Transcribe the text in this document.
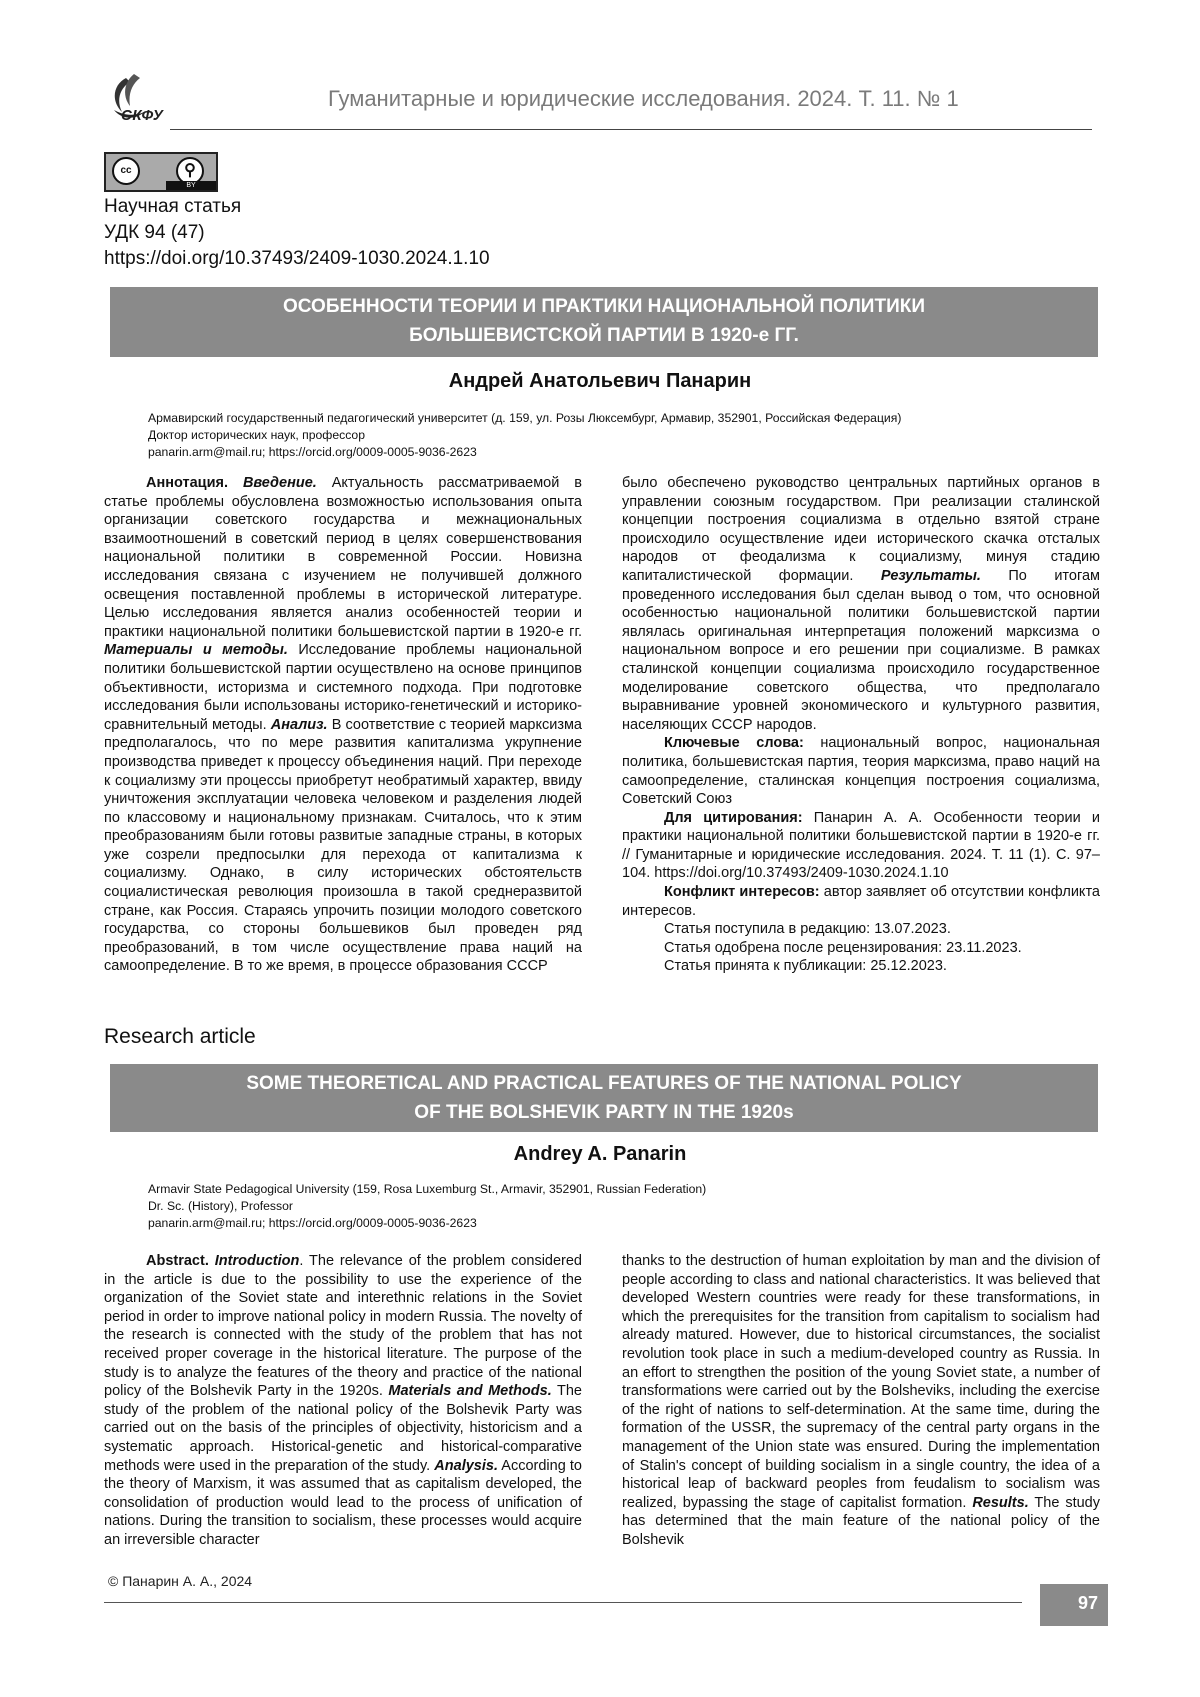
СКФУ
Гуманитарные и юридические исследования. 2024. Т. 11. № 1
cc	⚲
BY
Научная статья
УДК 94 (47)
https://doi.org/10.37493/2409-1030.2024.1.10
ОСОБЕННОСТИ ТЕОРИИ И ПРАКТИКИ НАЦИОНАЛЬНОЙ ПОЛИТИКИ
БОЛЬШЕВИСТСКОЙ ПАРТИИ В 1920-е ГГ.
Андрей Анатольевич Панарин
Армавирский государственный педагогический университет (д. 159, ул. Розы Люксембург, Армавир, 352901, Российская Федерация)
Доктор исторических наук, профессор
panarin.arm@mail.ru; https://orcid.org/0009-0005-9036-2623

Аннотация. Введение. Актуальность рассматриваемой в статье проблемы обусловлена возможностью использования опыта организации советского государства и межнациональных взаимоотношений в советский период в целях совершенствования национальной политики в современной России. Новизна исследования связана с изучением не получившей должного освещения поставленной проблемы в исторической литературе. Целью исследования является анализ особенностей теории и практики национальной политики большевистской партии в 1920-е гг. Материалы и методы. Исследование проблемы национальной политики большевистской партии осуществлено на основе принципов объективности, историзма и системного подхода. При подготовке исследования были использованы историко-генетический и историко-сравнительный методы. Анализ. В соответствие с теорией марксизма предполагалось, что по мере развития капитализма укрупнение производства приведет к процессу объединения наций. При переходе к социализму эти процессы приобретут необратимый характер, ввиду уничтожения эксплуатации человека человеком и разделения людей по классовому и национальному признакам. Считалось, что к этим преобразованиям были готовы развитые западные страны, в которых уже созрели предпосылки для перехода от капитализма к социализму. Однако, в силу исторических обстоятельств социалистическая революция произошла в такой среднеразвитой стране, как Россия. Стараясь упрочить позиции молодого советского государства, со стороны большевиков был проведен ряд преобразований, в том числе осуществление права наций на самоопределение. В то же время, в процессе образования СССР

было обеспечено руководство центральных партийных органов в управлении союзным государством. При реализации сталинской концепции построения социализма в отдельно взятой стране происходило осуществление идеи исторического скачка отсталых народов от феодализма к социализму, минуя стадию капиталистической формации. Результаты. По итогам проведенного исследования был сделан вывод о том, что основной особенностью национальной политики большевистской партии являлась оригинальная интерпретация положений марксизма о национальном вопросе и его решении при социализме. В рамках сталинской концепции социализма происходило государственное моделирование советского общества, что предполагало выравнивание уровней экономического и культурного развития, населяющих СССР народов.

Ключевые слова: национальный вопрос, национальная политика, большевистская партия, теория марксизма, право наций на самоопределение, сталинская концепция построения социализма, Советский Союз

Для цитирования: Панарин А. А. Особенности теории и практики национальной политики большевистской партии в 1920-е гг. // Гуманитарные и юридические исследования. 2024. Т. 11 (1). С. 97–104. https://doi.org/10.37493/2409-1030.2024.1.10

Конфликт интересов: автор заявляет об отсутствии конфликта интересов.

Статья поступила в редакцию: 13.07.2023.

Статья одобрена после рецензирования: 23.11.2023.

Статья принята к публикации: 25.12.2023.

Research article
SOME THEORETICAL AND PRACTICAL FEATURES OF THE NATIONAL POLICY
OF THE BOLSHEVIK PARTY IN THE 1920s
Andrey A. Panarin
Armavir State Pedagogical University (159, Rosa Luxemburg St., Armavir, 352901, Russian Federation)
Dr. Sc. (History), Professor
panarin.arm@mail.ru; https://orcid.org/0009-0005-9036-2623

Abstract. Introduction. The relevance of the problem considered in the article is due to the possibility to use the experience of the organization of the Soviet state and interethnic relations in the Soviet period in order to improve national policy in modern Russia. The novelty of the research is connected with the study of the problem that has not received proper coverage in the historical literature. The purpose of the study is to analyze the features of the theory and practice of the national policy of the Bolshevik Party in the 1920s. Materials and Methods. The study of the problem of the national policy of the Bolshevik Party was carried out on the basis of the principles of objectivity, historicism and a systematic approach. Historical-genetic and historical-comparative methods were used in the preparation of the study. Analysis. According to the theory of Marxism, it was assumed that as capitalism developed, the consolidation of production would lead to the process of unification of nations. During the transition to socialism, these processes would acquire an irreversible character

thanks to the destruction of human exploitation by man and the division of people according to class and national characteristics. It was believed that developed Western countries were ready for these transformations, in which the prerequisites for the transition from capitalism to socialism had already matured. However, due to historical circumstances, the socialist revolution took place in such a medium-developed country as Russia. In an effort to strengthen the position of the young Soviet state, a number of transformations were carried out by the Bolsheviks, including the exercise of the right of nations to self-determination. At the same time, during the formation of the USSR, the supremacy of the central party organs in the management of the Union state was ensured. During the implementation of Stalin's concept of building socialism in a single country, the idea of a historical leap of backward peoples from feudalism to socialism was realized, bypassing the stage of capitalist formation. Results. The study has determined that the main feature of the national policy of the Bolshevik

© Панарин А. А., 2024
97
